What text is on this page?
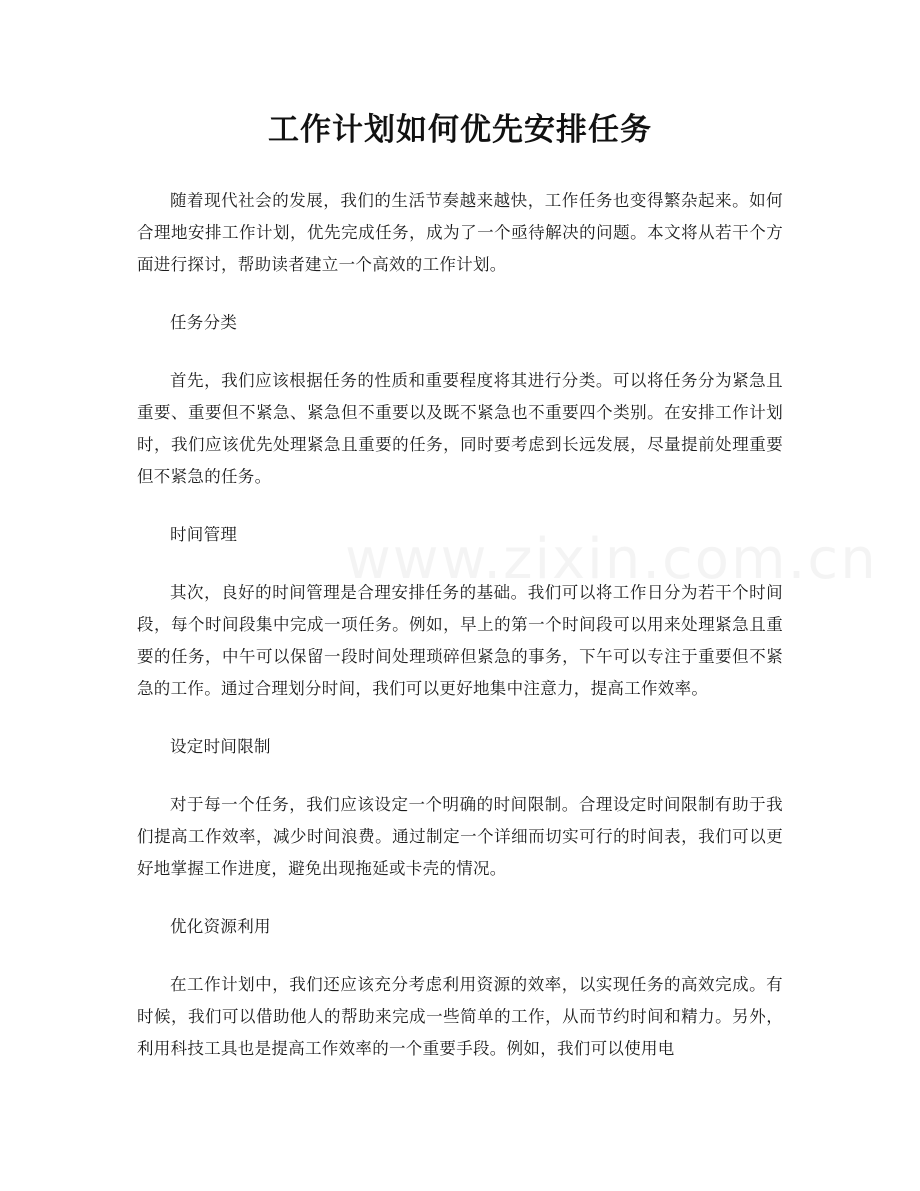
工作计划如何优先安排任务

随着现代社会的发展，我们的生活节奏越来越快，工作任务也变得繁杂起来。如何合理地安排工作计划，优先完成任务，成为了一个亟待解决的问题。本文将从若干个方面进行探讨，帮助读者建立一个高效的工作计划。

任务分类

首先，我们应该根据任务的性质和重要程度将其进行分类。可以将任务分为紧急且重要、重要但不紧急、紧急但不重要以及既不紧急也不重要四个类别。在安排工作计划时，我们应该优先处理紧急且重要的任务，同时要考虑到长远发展，尽量提前处理重要但不紧急的任务。

时间管理

其次，良好的时间管理是合理安排任务的基础。我们可以将工作日分为若干个时间段，每个时间段集中完成一项任务。例如，早上的第一个时间段可以用来处理紧急且重要的任务，中午可以保留一段时间处理琐碎但紧急的事务，下午可以专注于重要但不紧急的工作。通过合理划分时间，我们可以更好地集中注意力，提高工作效率。

设定时间限制

对于每一个任务，我们应该设定一个明确的时间限制。合理设定时间限制有助于我们提高工作效率，减少时间浪费。通过制定一个详细而切实可行的时间表，我们可以更好地掌握工作进度，避免出现拖延或卡壳的情况。

优化资源利用

在工作计划中，我们还应该充分考虑利用资源的效率，以实现任务的高效完成。有时候，我们可以借助他人的帮助来完成一些简单的工作，从而节约时间和精力。另外，利用科技工具也是提高工作效率的一个重要手段。例如，我们可以使用电
